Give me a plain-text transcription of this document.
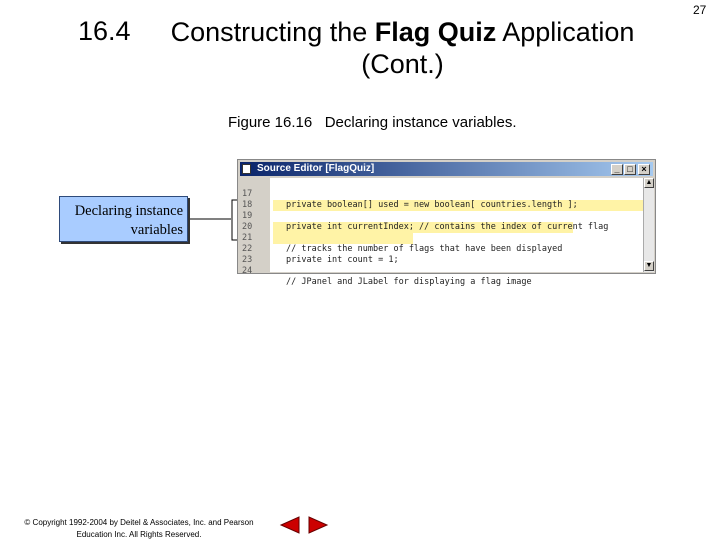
27
16.4	Constructing the Flag Quiz Application
(Cont.)
Figure 16.16   Declaring instance variables.
Declaring instance
variables
Source Editor [FlagQuiz]	_ □ ×

17

private boolean[] used = new boolean[ countries.length ];

18

19

private int currentIndex; // contains the index of current flag

20

21

// tracks the number of flags that have been displayed

22

private int count = 1;

23

24

// JPanel and JLabel for displaying a flag image

▲
▼
© Copyright 1992-2004 by Deitel & Associates, Inc. and Pearson
Education Inc. All Rights Reserved.
